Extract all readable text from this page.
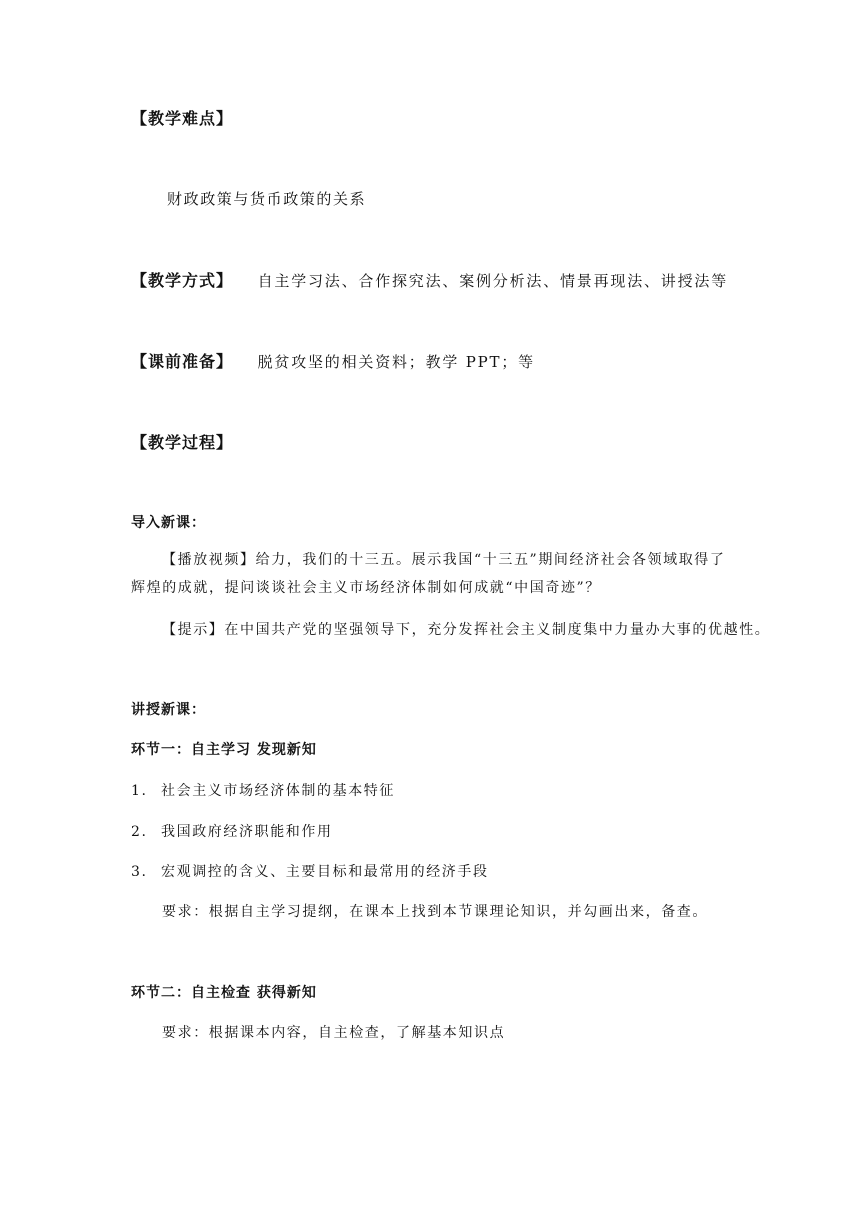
【教学难点】
财政政策与货币政策的关系
【教学方式】 自主学习法、合作探究法、案例分析法、情景再现法、讲授法等
【课前准备】 脱贫攻坚的相关资料；教学 PPT；等
【教学过程】
导入新课：
【播放视频】给力，我们的十三五。展示我国“十三五”期间经济社会各领域取得了辉煌的成就，提问谈谈社会主义市场经济体制如何成就“中国奇迹”？
【提示】在中国共产党的坚强领导下，充分发挥社会主义制度集中力量办大事的优越性。
讲授新课：
环节一：自主学习 发现新知
1. 社会主义市场经济体制的基本特征
2. 我国政府经济职能和作用
3. 宏观调控的含义、主要目标和最常用的经济手段
要求：根据自主学习提纲，在课本上找到本节课理论知识，并勾画出来，备查。
环节二：自主检查 获得新知
要求：根据课本内容，自主检查，了解基本知识点
